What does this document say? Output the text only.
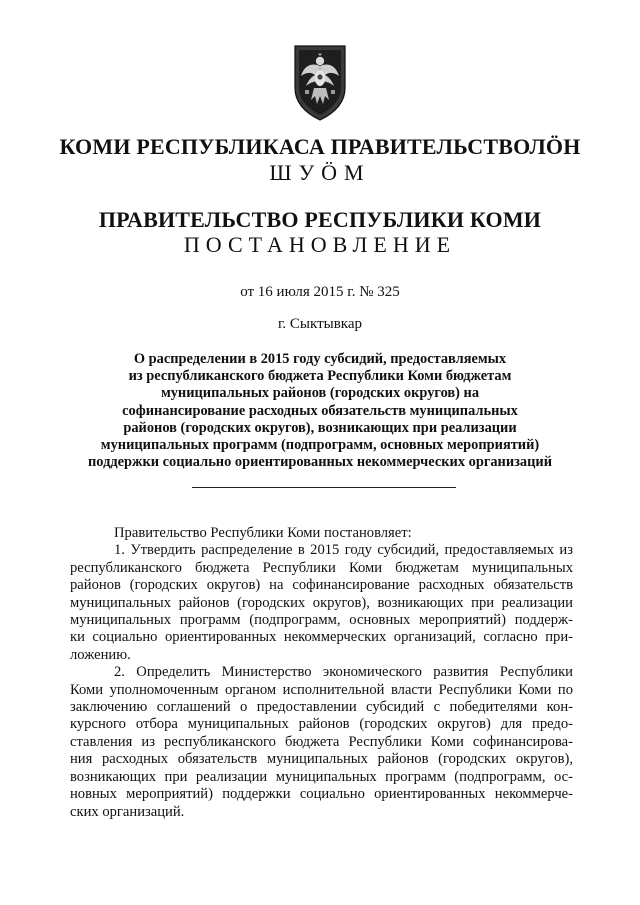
КОМИ РЕСПУБЛИКАСА ПРАВИТЕЛЬСТВОЛӦН
ШУӦМ
ПРАВИТЕЛЬСТВО РЕСПУБЛИКИ КОМИ
ПОСТАНОВЛЕНИЕ
от 16 июля 2015 г. № 325
г. Сыктывкар
О распределении в 2015 году субсидий, предоставляемых
из республиканского бюджета Республики Коми бюджетам
муниципальных районов (городских округов) на
софинансирование расходных обязательств муниципальных
районов (городских округов), возникающих при реализации
муниципальных программ (подпрограмм, основных мероприятий)
поддержки социально ориентированных некоммерческих организаций
Правительство Республики Коми постановляет:
1. Утвердить распределение в 2015 году субсидий, предоставляемых из
республиканского бюджета Республики Коми бюджетам муниципальных
районов (городских округов) на софинансирование расходных обязательств
муниципальных районов (городских округов), возникающих при реализации
муниципальных программ (подпрограмм, основных мероприятий) поддерж-
ки социально ориентированных некоммерческих организаций, согласно при-
ложению.
2. Определить Министерство экономического развития Республики
Коми уполномоченным органом исполнительной власти Республики Коми по
заключению соглашений о предоставлении субсидий с победителями кон-
курсного отбора муниципальных районов (городских округов) для предо-
ставления из республиканского бюджета Республики Коми софинансирова-
ния расходных обязательств муниципальных районов (городских округов),
возникающих при реализации муниципальных программ (подпрограмм, ос-
новных мероприятий) поддержки социально ориентированных некоммерче-
ских организаций.
